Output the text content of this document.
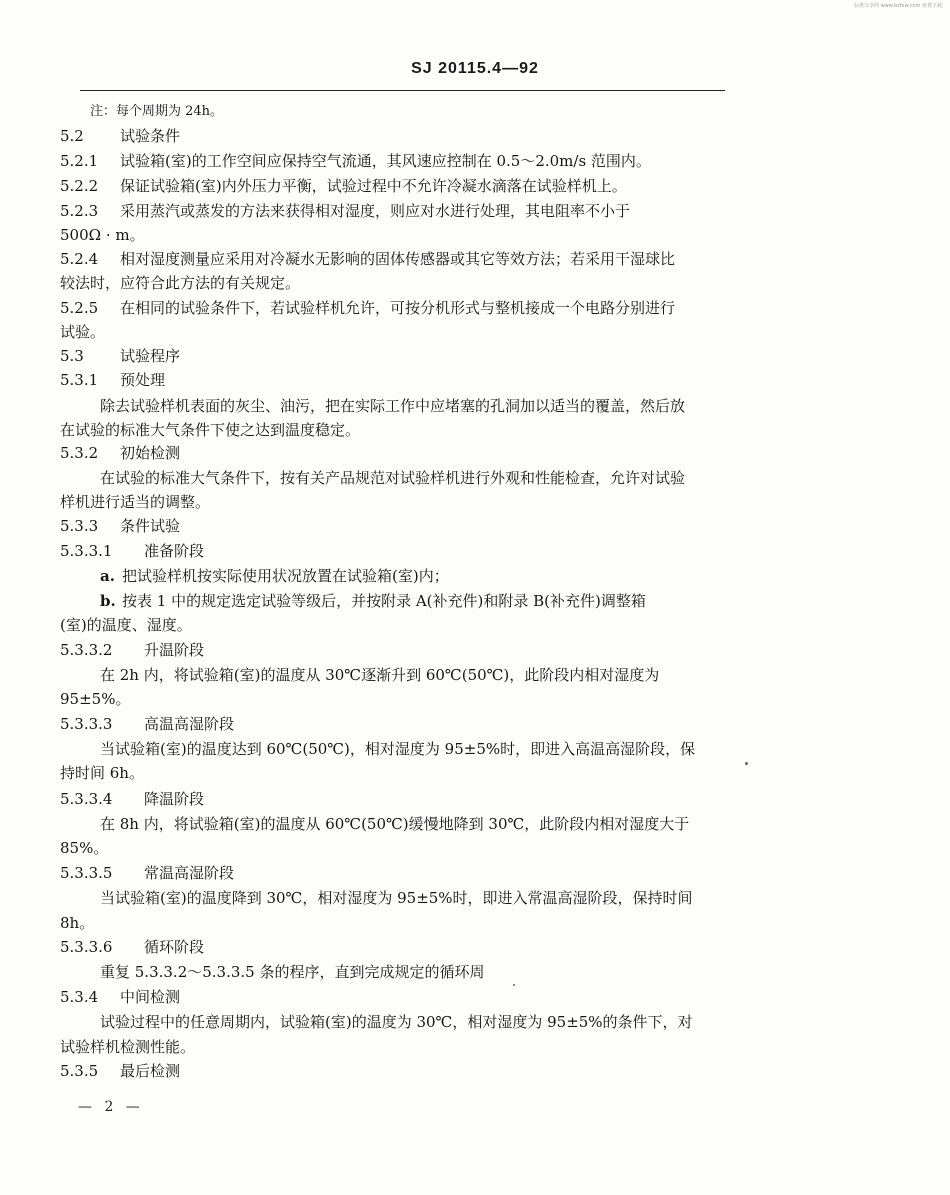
标准分享网 www.bzfxw.com 免费下载
SJ 20115.4—92
注：每个周期为 24h。
5.2 试验条件
5.2.1 试验箱(室)的工作空间应保持空气流通，其风速应控制在 0.5～2.0m/s 范围内。
5.2.2 保证试验箱(室)内外压力平衡，试验过程中不允许冷凝水滴落在试验样机上。
5.2.3 采用蒸汽或蒸发的方法来获得相对湿度，则应对水进行处理，其电阻率不小于
500Ω · m。
5.2.4 相对湿度测量应采用对冷凝水无影响的固体传感器或其它等效方法；若采用干湿球比
较法时，应符合此方法的有关规定。
5.2.5 在相同的试验条件下，若试验样机允许，可按分机形式与整机接成一个电路分别进行
试验。
5.3 试验程序
5.3.1 预处理
除去试验样机表面的灰尘、油污，把在实际工作中应堵塞的孔洞加以适当的覆盖，然后放
在试验的标准大气条件下使之达到温度稳定。
5.3.2 初始检测
在试验的标准大气条件下，按有关产品规范对试验样机进行外观和性能检查，允许对试验
样机进行适当的调整。
5.3.3 条件试验
5.3.3.1 准备阶段
a. 把试验样机按实际使用状况放置在试验箱(室)内；
b. 按表 1 中的规定选定试验等级后，并按附录 A(补充件)和附录 B(补充件)调整箱
(室)的温度、湿度。
5.3.3.2 升温阶段
在 2h 内，将试验箱(室)的温度从 30℃逐渐升到 60℃(50℃)，此阶段内相对湿度为
95±5%。
5.3.3.3 高温高湿阶段
当试验箱(室)的温度达到 60℃(50℃)，相对湿度为 95±5%时，即进入高温高湿阶段，保
持时间 6h。
5.3.3.4 降温阶段
在 8h 内，将试验箱(室)的温度从 60℃(50℃)缓慢地降到 30℃，此阶段内相对湿度大于
85%。
5.3.3.5 常温高湿阶段
当试验箱(室)的温度降到 30℃，相对湿度为 95±5%时，即进入常温高湿阶段，保持时间
8h。
5.3.3.6 循环阶段
重复 5.3.3.2～5.3.3.5 条的程序，直到完成规定的循环周
5.3.4 中间检测
试验过程中的任意周期内，试验箱(室)的温度为 30℃，相对湿度为 95±5%的条件下，对
试验样机检测性能。
5.3.5 最后检测
— 2 —
